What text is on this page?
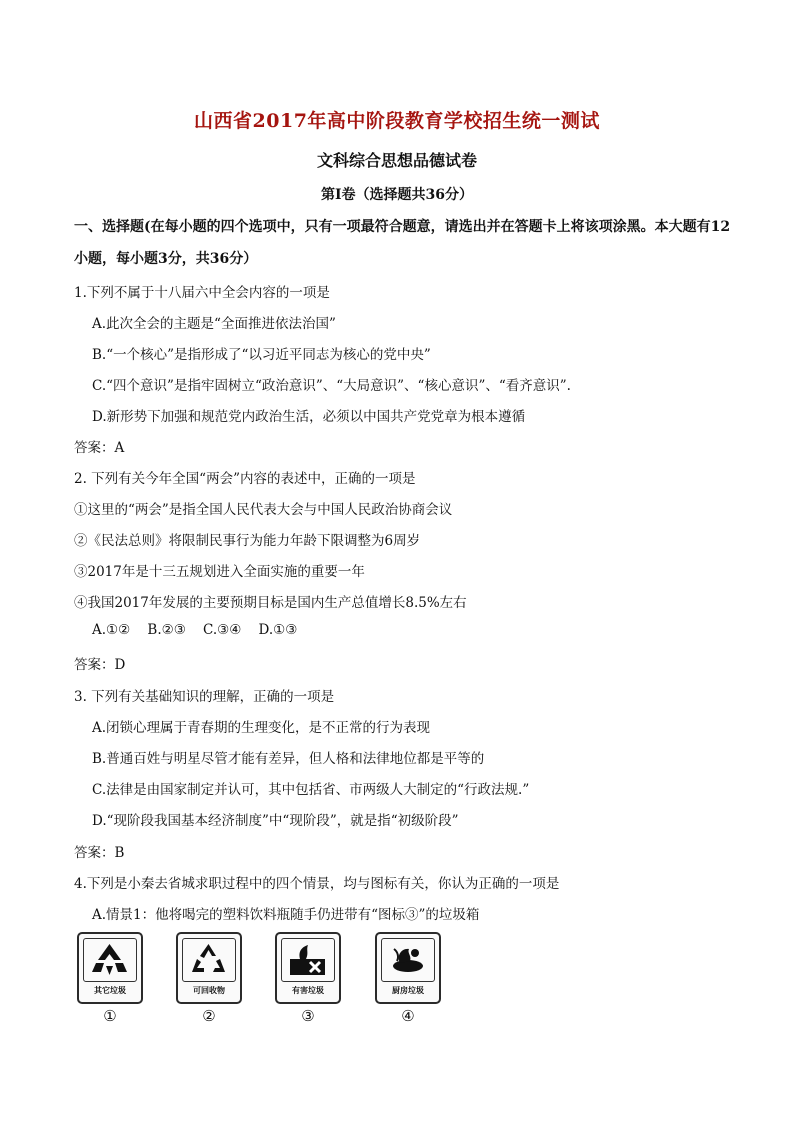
山西省2017年高中阶段教育学校招生统一测试
文科综合思想品德试卷
第Ⅰ卷（选择题共36分）
一、选择题(在每小题的四个选项中，只有一项最符合题意，请选出并在答题卡上将该项涂黑。本大题有12
小题，每小题3分，共36分）
1.下列不属于十八届六中全会内容的一项是
A.此次全会的主题是“全面推进依法治国”
B.“一个核心”是指形成了“以习近平同志为核心的党中央”
C.“四个意识”是指牢固树立“政治意识”、“大局意识”、“核心意识”、“看齐意识”.
D.新形势下加强和规范党内政治生活，必须以中国共产党党章为根本遵循
答案：A
2. 下列有关今年全国“两会”内容的表述中，正确的一项是
①这里的“两会”是指全国人民代表大会与中国人民政治协商会议
②《民法总则》将限制民事行为能力年龄下限调整为6周岁
③2017年是十三五规划进入全面实施的重要一年
④我国2017年发展的主要预期目标是国内生产总值增长8.5%左右
A.①②    B.②③    C.③④    D.①③
答案：D
3. 下列有关基础知识的理解，正确的一项是
A.闭锁心理属于青春期的生理变化，是不正常的行为表现
B.普通百姓与明星尽管才能有差异，但人格和法律地位都是平等的
C.法律是由国家制定并认可，其中包括省、市两级人大制定的“行政法规.”
D.“现阶段我国基本经济制度”中“现阶段”，就是指“初级阶段”
答案：B
4.下列是小秦去省城求职过程中的四个情景，均与图标有关，你认为正确的一项是
A.情景1：他将喝完的塑料饮料瓶随手仍进带有“图标③”的垃圾箱
其它垃圾
①
可回收物
②
有害垃圾
③
厨房垃圾
④
